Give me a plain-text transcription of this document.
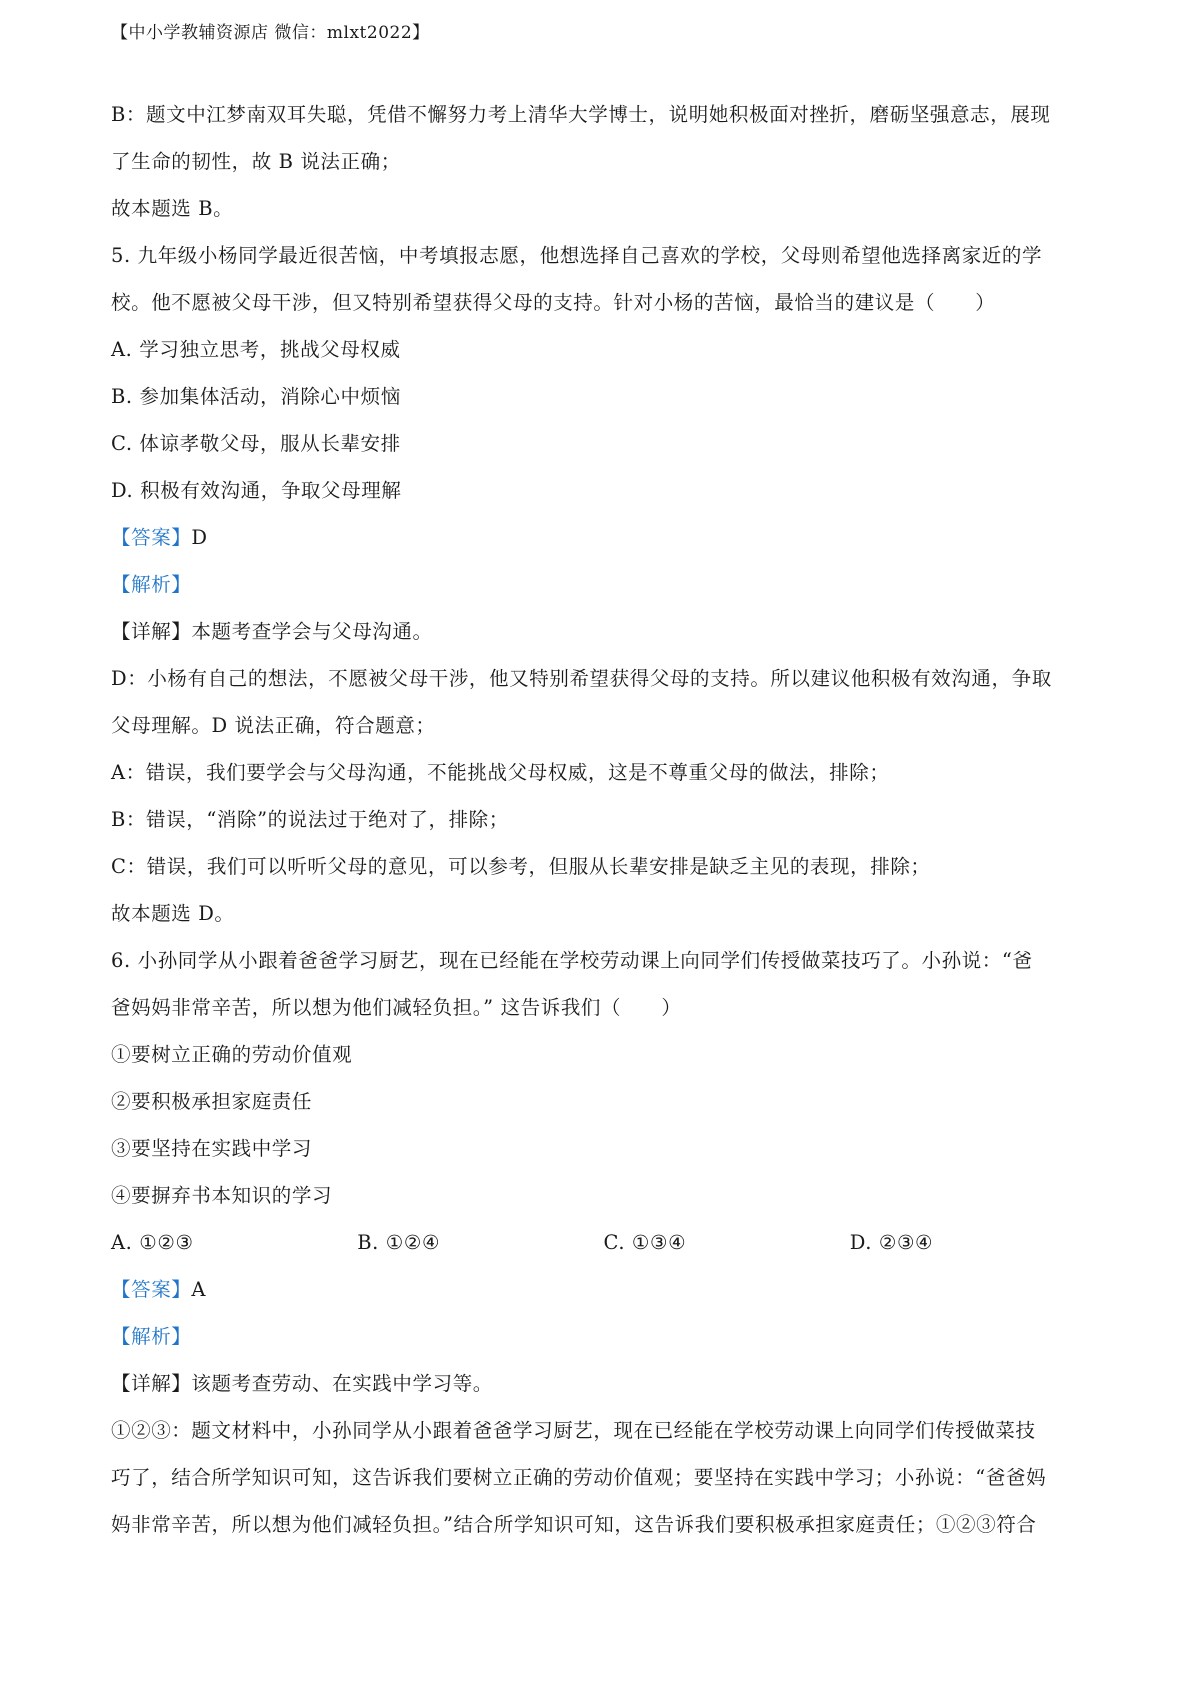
【中小学教辅资源店 微信：mlxt2022】
B：题文中江梦南双耳失聪，凭借不懈努力考上清华大学博士，说明她积极面对挫折，磨砺坚强意志，展现
了生命的韧性，故 B 说法正确；
故本题选 B。
5. 九年级小杨同学最近很苦恼，中考填报志愿，他想选择自己喜欢的学校，父母则希望他选择离家近的学
校。他不愿被父母干涉，但又特别希望获得父母的支持。针对小杨的苦恼，最恰当的建议是（　　）
A. 学习独立思考，挑战父母权威
B. 参加集体活动，消除心中烦恼
C. 体谅孝敬父母，服从长辈安排
D. 积极有效沟通，争取父母理解
【答案】D
【解析】
【详解】本题考查学会与父母沟通。
D：小杨有自己的想法，不愿被父母干涉，他又特别希望获得父母的支持。所以建议他积极有效沟通，争取
父母理解。D 说法正确，符合题意；
A：错误，我们要学会与父母沟通，不能挑战父母权威，这是不尊重父母的做法，排除；
B：错误，“消除”的说法过于绝对了，排除；
C：错误，我们可以听听父母的意见，可以参考，但服从长辈安排是缺乏主见的表现，排除；
故本题选 D。
6. 小孙同学从小跟着爸爸学习厨艺，现在已经能在学校劳动课上向同学们传授做菜技巧了。小孙说：“爸
爸妈妈非常辛苦，所以想为他们减轻负担。” 这告诉我们（　　）
①要树立正确的劳动价值观
②要积极承担家庭责任
③要坚持在实践中学习
④要摒弃书本知识的学习
A. ①②③	B. ①②④	C. ①③④	D. ②③④
【答案】A
【解析】
【详解】该题考查劳动、在实践中学习等。
①②③：题文材料中，小孙同学从小跟着爸爸学习厨艺，现在已经能在学校劳动课上向同学们传授做菜技
巧了，结合所学知识可知，这告诉我们要树立正确的劳动价值观；要坚持在实践中学习；小孙说：“爸爸妈
妈非常辛苦，所以想为他们减轻负担。”结合所学知识可知，这告诉我们要积极承担家庭责任；①②③符合
